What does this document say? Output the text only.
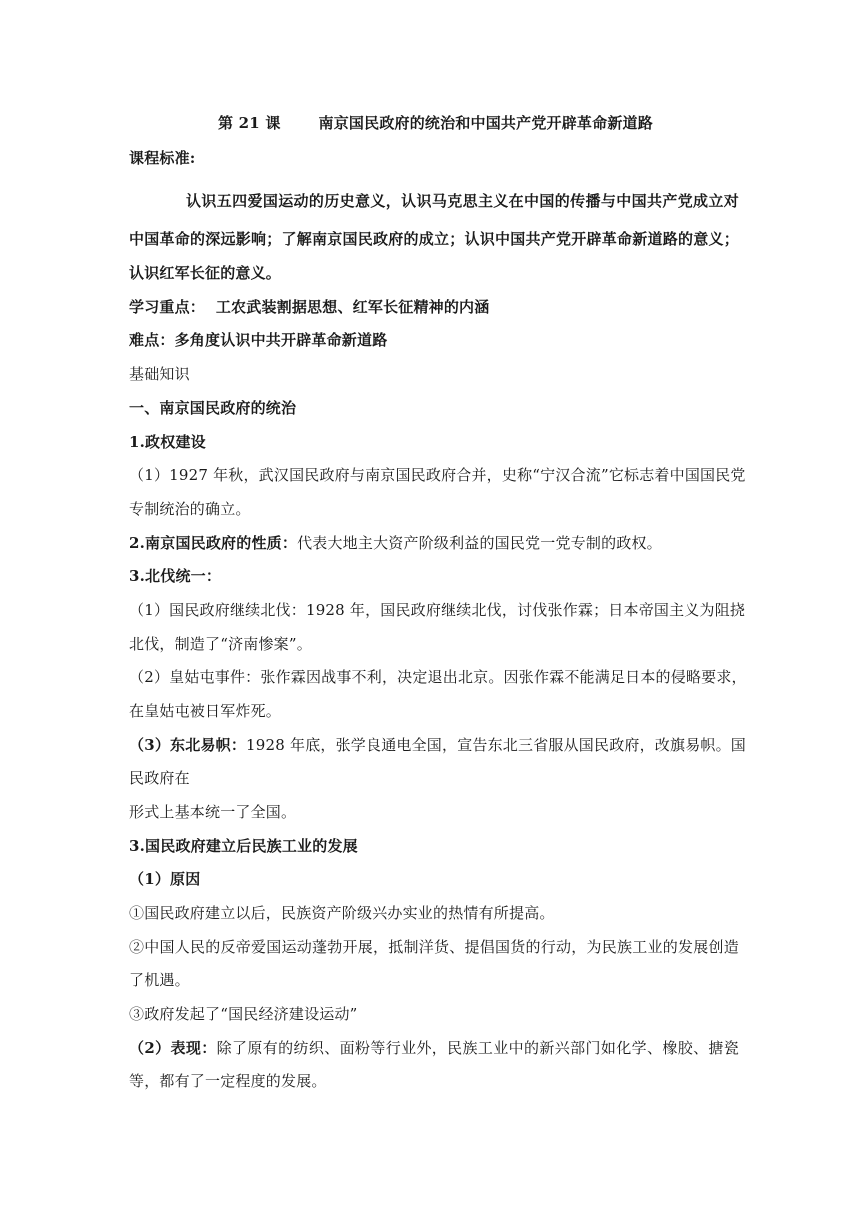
第 21 课	南京国民政府的统治和中国共产党开辟革命新道路
课程标准:
认识五四爱国运动的历史意义，认识马克思主义在中国的传播与中国共产党成立对
中国革命的深远影响；了解南京国民政府的成立；认识中国共产党开辟革命新道路的意义；
认识红军长征的意义。
学习重点：  工农武装割据思想、红军长征精神的内涵
难点：多角度认识中共开辟革命新道路
基础知识
一、南京国民政府的统治
1.政权建设
（1）1927 年秋，武汉国民政府与南京国民政府合并，史称“宁汉合流”它标志着中国国民党
专制统治的确立。
2.南京国民政府的性质：代表大地主大资产阶级利益的国民党一党专制的政权。
3.北伐统一：
（1）国民政府继续北伐：1928 年，国民政府继续北伐，讨伐张作霖；日本帝国主义为阻挠
北伐，制造了“济南惨案”。
（2）皇姑屯事件：张作霖因战事不利，决定退出北京。因张作霖不能满足日本的侵略要求，
在皇姑屯被日军炸死。
（3）东北易帜：1928 年底，张学良通电全国，宣告东北三省服从国民政府，改旗易帜。国
民政府在
形式上基本统一了全国。
3.国民政府建立后民族工业的发展
（1）原因
①国民政府建立以后，民族资产阶级兴办实业的热情有所提高。
②中国人民的反帝爱国运动蓬勃开展，抵制洋货、提倡国货的行动，为民族工业的发展创造
了机遇。
③政府发起了“国民经济建设运动”
（2）表现：除了原有的纺织、面粉等行业外，民族工业中的新兴部门如化学、橡胶、搪瓷
等，都有了一定程度的发展。
